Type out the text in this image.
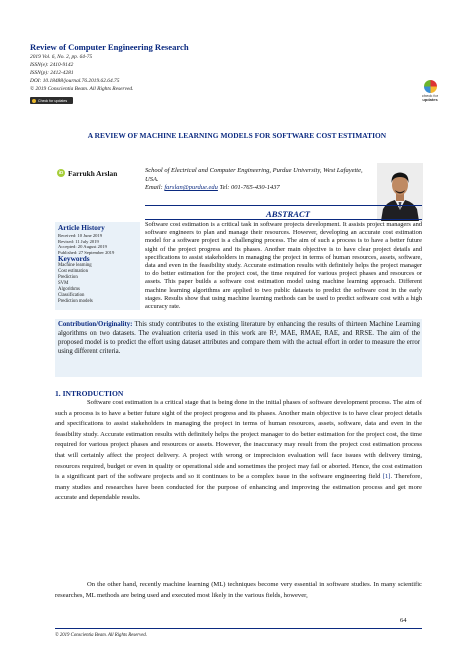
Review of Computer Engineering Research
2019 Vol. 6, No. 2, pp. 64-75
ISSN(e): 2410-9142
ISSN(p): 2412-4281
DOI: 10.18488/journal.76.2019.62.64.75
© 2019 Conscientia Beam. All Rights Reserved.
Check for updates
check for
updates
A REVIEW OF MACHINE LEARNING MODELS FOR SOFTWARE COST ESTIMATION
iD Farrukh Arslan	School of Electrical and Computer Engineering, Purdue University, West Lafayette, USA.
Email: farslan@purdue.edu Tel: 001-765-430-1437
ABSTRACT
Article History
Received: 10 June 2019
Revised: 11 July 2019
Accepted: 20 August 2019
Published: 27 September 2019
Keywords
Machine learning
Cost estimation
Prediction
SVM
Algorithms
Classification
Prediction models
Software cost estimation is a critical task in software projects development. It assists project managers and software engineers to plan and manage their resources. However, developing an accurate cost estimation model for a software project is a challenging process. The aim of such a process is to have a better future sight of the project progress and its phases. Another main objective is to have clear project details and specifications to assist stakeholders in managing the project in terms of human resources, assets, software, data and even in the feasibility study. Accurate estimation results with definitely helps the project manager to do better estimation for the project cost, the time required for various project phases and resources or assets. This paper builds a software cost estimation model using machine learning approach. Different machine learning algorithms are applied to two public datasets to predict the software cost in the early stages. Results show that using machine learning methods can be used to predict software cost with a high accuracy rate.
Contribution/Originality: This study contributes to the existing literature by enhancing the results of thirteen Machine Learning algorithms on two datasets. The evaluation criteria used in this work are R², MAE, RMAE, RAE, and RRSE. The aim of the proposed model is to predict the effort using dataset attributes and compare them with the actual effort in order to measure the error using different criteria.
1. INTRODUCTION
Software cost estimation is a critical stage that is being done in the initial phases of software development process. The aim of such a process is to have a better future sight of the project progress and its phases. Another main objective is to have clear project details and specifications to assist stakeholders in managing the project in terms of human resources, assets, software, data and even in the feasibility study. Accurate estimation results with definitely helps the project manager to do better estimation for the project cost, the time required for various project phases and resources or assets. However, the inaccuracy may result from the project cost estimation process that will certainly affect the project delivery. A project with wrong or imprecision evaluation will face issues with delivery timing, resources required, budget or even in quality or operational side and sometimes the project may fail or aborted. Hence, the cost estimation is a significant part of the software projects and so it continues to be a complex issue in the software engineering field [1]. Therefore, many studies and researches have been conducted for the purpose of enhancing and improving the estimation process and get more accurate and dependable results.
On the other hand, recently machine learning (ML) techniques become very essential in software studies. In many scientific researches, ML methods are being used and executed most likely in the various fields, however,
64
© 2019 Conscientia Beam. All Rights Reserved.
